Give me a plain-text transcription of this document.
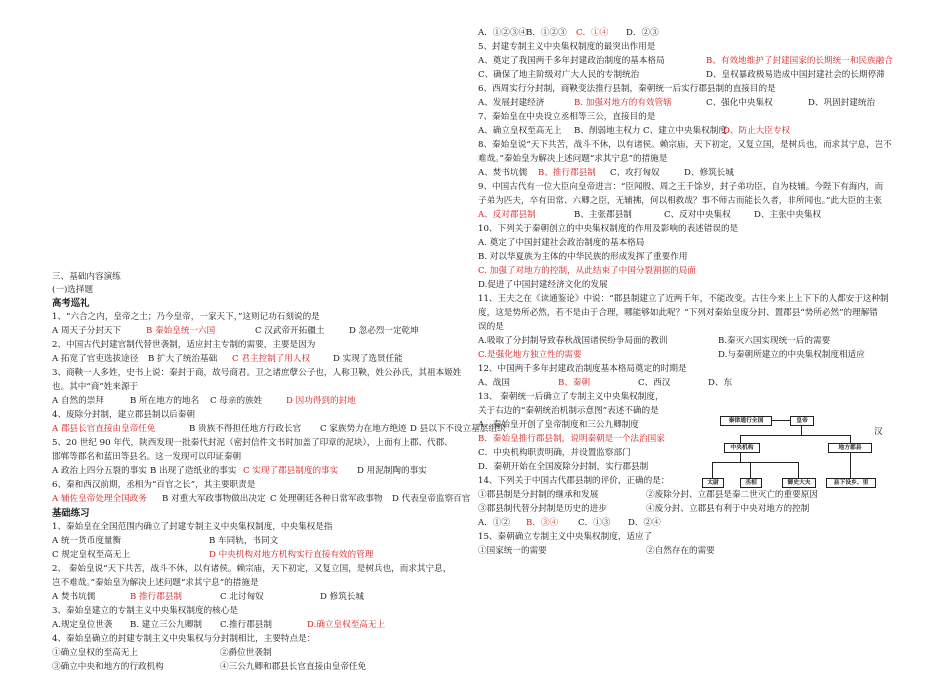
三、基础内容演练
(一)选择题
高考巡礼
1、“六合之内，皇帝之土；乃今皇帝，一家天下，”这则记功石刻说的是
A 周天子分封天下	B 秦始皇统一六国	C 汉武帝开拓疆土	D 忽必烈一定乾坤
2、中国古代封建官制代替世袭制，适应封主专制的需要，主要是因为
A 拓宽了官吏选拔途径 B 扩大了统治基础 C 君主控制了用人权	D 实现了选贤任能
3、商鞅一人多姓，史书上说：秦封于商，故号商君。卫之诸庶孽公子也，人称卫鞅，姓公孙氏，其祖本姬姓
也。其中“商”姓来源于
A 自然的崇拜	B 所在地方的地名 C 母亲的族姓	D 因功得到的封地
4、废除分封制，建立郡县制以后秦朝
A 郡县长官直接由皇帝任免	B 贵族不得担任地方行政长官 C 家族势力在地方绝迹 D 县以下不设立基层组织
5、20 世纪 90 年代，陕西发现一批秦代封泥（密封信件文书时加盖了印章的泥块），上面有上郡、代郡、
邯郸等郡名和蓝田等县名。这一发现可以印证秦朝
A 政治上四分五裂的事实 B 出现了造纸业的事实 C 实现了郡县制度的事实 D 用泥制陶的事实
6、秦和西汉前期，丞相为“百官之长”，其主要职责是
A 辅佐皇帝处理全国政务 B 对重大军政事物做出决定 C 处理朝廷各种日常军政事物 D 代表皇帝监察百官
基础练习
1、秦始皇在全国范围内确立了封建专制主义中央集权制度，中央集权是指
A 统一货币度量衡	B 车同轨，书同文
C 规定皇权至高无上	D 中央机构对地方机构实行直接有效的管理
2、 秦始皇说“天下共苦，战斗不休，以有诸侯。赖宗庙，天下初定，又复立国，是树兵也，而求其宁息，
岂不难哉。”秦始皇为解决上述问题“求其宁息”的措施是
A 焚书坑儒	B 推行郡县制	C 北讨匈奴	D 修筑长城
3、秦始皇建立的专制主义中央集权制度的核心是
A.规定皇位世袭 B. 建立三公九卿制 C.推行郡县制	D.确立皇权至高无上
4、秦始皇确立的封建专制主义中央集权与分封制相比，主要特点是：
①确立皇权的至高无上	②爵位世袭制
③确立中央和地方的行政机构	④三公九卿和郡县长官直接由皇帝任免
A．①②③④
B．①②③ C．①④ D．②③
5、封建专制主义中央集权制度的最突出作用是
A、奠定了我国两千多年封建政治制度的基本格局	B、有效地维护了封建国家的长期统一和民族融合
C、确保了地主阶级对广大人民的专制统治	D、皇权暴政极易造成中国封建社会的长期停滞
6、西周实行分封制，商鞅变法推行县制，秦朝统一后实行郡县制的直接目的是
A、发展封建经济	B. 加强对地方的有效管辖	C、强化中央集权	D、巩固封建统治
7、秦始皇在中央设立丞相等三公，直接目的是
A、确立皇权至高无上 B、削弱地主权力 C、建立中央集权制度
D、防止大臣专权
8、秦始皇说“天下共苦，战斗不休，以有诸侯。赖宗庙，天下初定，又复立国，是树兵也，而求其宁息，岂不
难哉。”秦始皇为解决上述问题“求其宁息”的措施是
A、焚书坑儒 B、推行郡县制 C、攻打匈奴	D、修筑长城
9、中国古代有一位大臣向皇帝进言：“臣闻殷、周之王千馀岁，封子弟功臣，自为枝辅。今陛下有海内，而
子弟为匹夫，卒有田常、六卿之臣，无辅拂，何以相救哉？事不师古而能长久者，非所闻也。”此大臣的主张
A、反对郡县制	B、主张郡县制	C、反对中央集权	D、主张中央集权
10、下列关于秦朝创立的中央集权制度的作用及影响的表述错误的是
A. 奠定了中国封建社会政治制度的基本格局
B. 对以华夏族为主体的中华民族的形成发挥了重要作用
C. 加强了对地方的控制，从此结束了中国分裂割据的局面
D.促进了中国封建经济文化的发展
11、王夫之在《读通鉴论》中说：“郡县制建立了近两千年，不能改变。古往今来上上下下的人都安于这种制
度，这是势所必然，若不是由于合理，哪能够如此呢？”下列对秦始皇废分封、置郡县“势所必然”的理解错
误的是
A.吸取了分封制导致春秋战国诸侯纷争局面的教训	B.秦灭六国实现统一后的需要
C.是强化地方独立性的需要	D.与秦朝所建立的中央集权制度相适应
12、中国两千多年封建政治制度基本格局奠定的时期是
A、战国	B、秦朝	C、西汉	D、东
13、 秦朝统一后确立了专制主义中央集权制度，
关于右边的“秦朝统治机制示意图”表述不确的是
A．秦始皇开创了皇帝制度和三公九卿制度
B．秦始皇推行郡县制，说明秦朝是一个法治国家
C．中央机构职责明确，并设置监察部门
D．秦朝开始在全国废除分封制，实行郡县制
14、下列关于中国古代郡县制的评价，正确的是：
①郡县制是分封制的继承和发展	②废除分封、立郡县是秦二世灭亡的重要原因
③郡县制代替分封制是历史的进步	④废分封、立郡县有利于中央对地方的控制
A．①② B．③④ C．①③ D．②④
15、秦朝确立专制主义中央集权制度，适应了
①国家统一的需要	②自然存在的需要
秦律通行全国	皇帝
中央机构	地方郡县
太尉	丞相	御史大夫	县下设乡、里
汉
